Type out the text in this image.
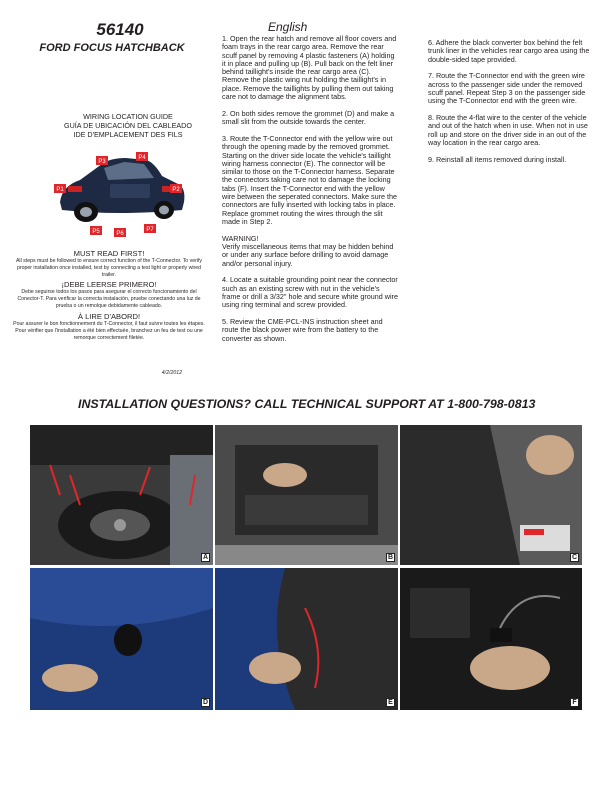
56140
FORD FOCUS HATCHBACK
WIRING LOCATION GUIDE
GUÍA DE UBICACIÓN DEL CABLEADO
IDE D'EMPLACEMENT DES FILS
P1	P2
P3
P4
P5	P6
P7
MUST READ FIRST!

All steps must be followed to ensure correct function of the T-Connector. To verify proper installation once installed, test by connecting a test light or properly wired trailer.

¡DEBE LEERSE PRIMERO!

Debe seguirse todos los pasos para asegurar el correcto funcionamiento del Conector-T. Para verificar la correcta instalación, pruebe conectando una luz de prueba o un remolque debidamente cableado.

À LIRE D'ABORD!

Pour assurer le bon fonctionnement du T-Connector, il faut suivre toutes les étapes. Pour vérifier que l'installation a été bien effectuée, branchez un feu de test ou une remorque correctement filetée.

4/2/2012
English

1. Open the rear hatch and remove all floor covers and foam trays in the rear cargo area. Remove the rear scuff panel by removing 4 plastic fasteners (A) holding it in place and pulling up (B). Pull back on the felt liner behind taillight's inside the rear cargo area (C). Remove the plastic wing nut holding the taillight's in place. Remove the taillights by pulling them out taking care not to damage the alignment tabs.

2. On both sides remove the grommet (D) and make a small slit from the outside towards the center.

3. Route the T-Connector end with the yellow wire out through the opening made by the removed grommet. Starting on the driver side locate the vehicle's taillight wiring harness connector (E). The connector will be similar to those on the T-Connector harness. Separate the connectors taking care not to damage the locking tabs (F). Insert the T-Connector end with the yellow wire between the seperated connectors. Make sure the connectors are fully inserted with locking tabs in place. Replace grommet routing the wires through the slit made in Step 2.

WARNING!
Verify miscellaneous items that may be hidden behind or under any surface before drilling to avoid damage and/or personal injury.

4. Locate a suitable grounding point near the connector such as an existing screw with nut in the vehicle's frame or drill a 3/32" hole and secure white ground wire using ring terminal and screw provided.

5. Review the CME-PCL-INS instruction sheet and route the black power wire from the battery to the converter as shown.

6. Adhere the black converter box behind the felt trunk liner in the vehicles rear cargo area using the double-sided tape provided.

7. Route the T-Connector end with the green wire across to the passenger side under the removed scuff panel. Repeat Step 3 on the passenger side using the T-Connector end with the green wire.

8. Route the 4-flat wire to the center of the vehicle and out of the hatch when in use. When not in use roll up and store on the driver side in an out of the way location in the rear cargo area.

9. Reinstall all items removed during install.

INSTALLATION QUESTIONS? CALL TECHNICAL SUPPORT AT 1-800-798-0813
A	B	C
D	E	F
